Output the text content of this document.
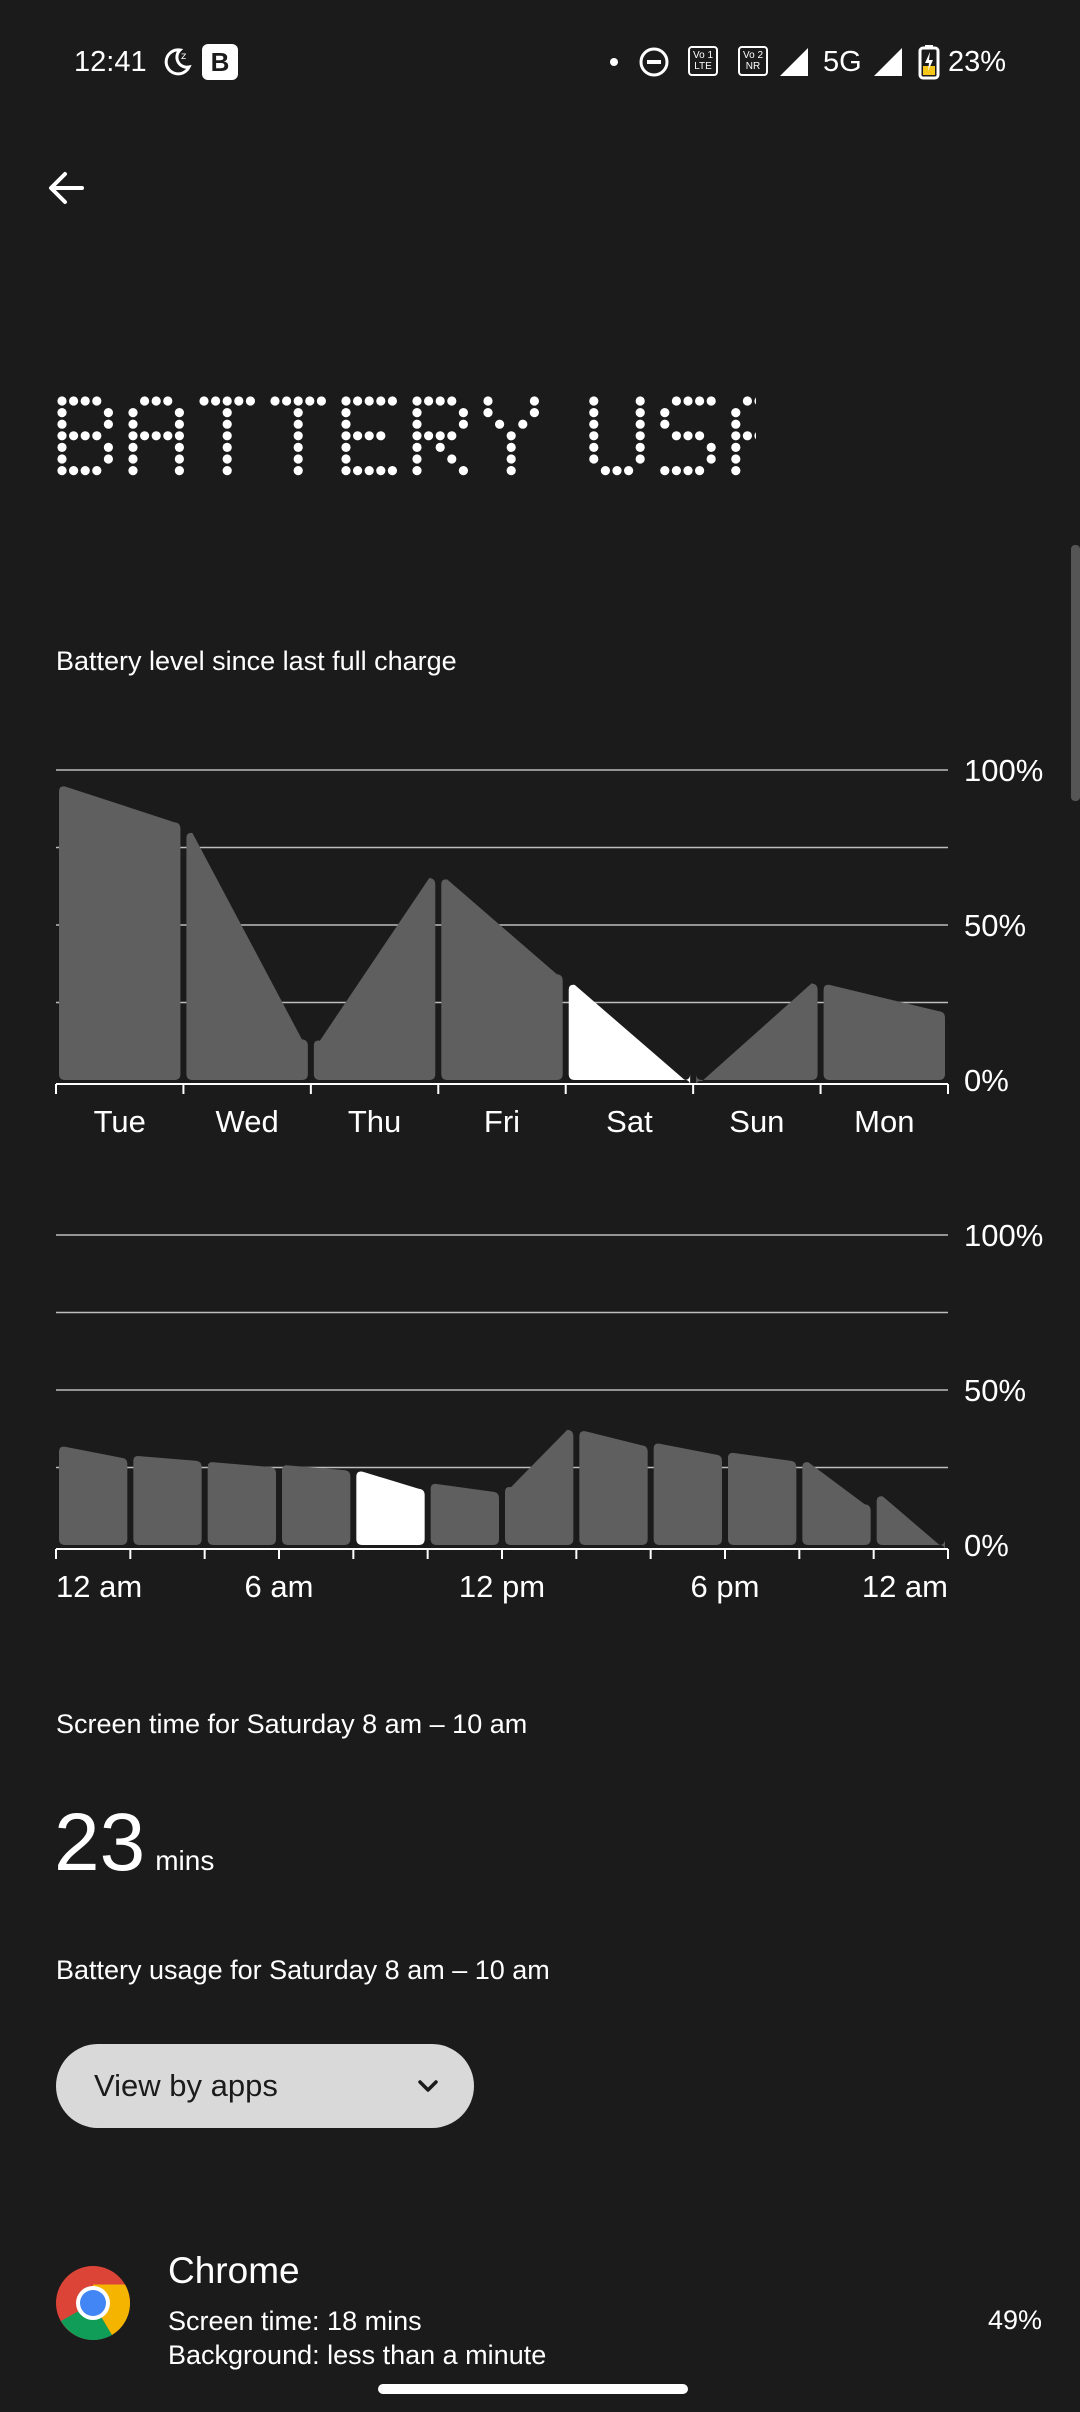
12:41	z B	Vo 1
LTE
Vo 2
NR 5G	23%
Battery level since last full charge
100%
50%
0%
Tue Wed Thu	Fri	Sat Sun Mon
100%
50%
0%
12 am	6 am	12 pm	6 pm	12 am
Screen time for Saturday 8 am – 10 am
23 mins
Battery usage for Saturday 8 am – 10 am
View by apps
Chrome
Screen time: 18 mins
Background: less than a minute
49%
